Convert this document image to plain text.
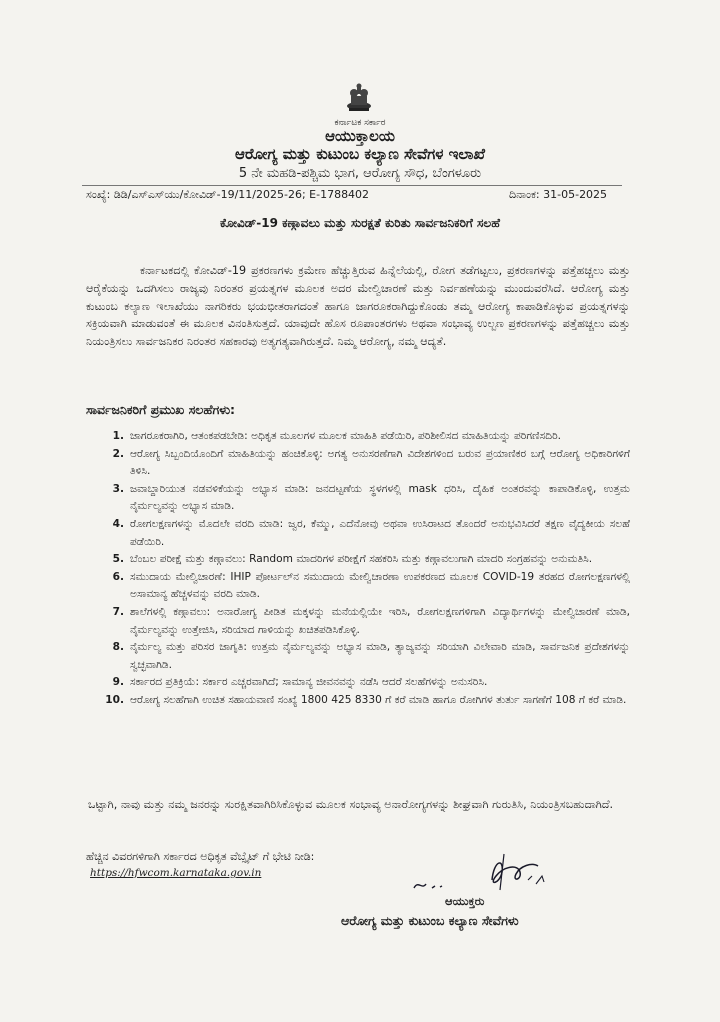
ಕರ್ನಾಟಕ ಸರ್ಕಾರ
ಆಯುಕ್ತಾಲಯ
ಆರೋಗ್ಯ ಮತ್ತು ಕುಟುಂಬ ಕಲ್ಯಾಣ ಸೇವೆಗಳ ಇಲಾಖೆ
5 ನೇ ಮಹಡಿ-ಪಶ್ಚಿಮ ಭಾಗ, ಆರೋಗ್ಯ ಸೌಧ, ಬೆಂಗಳೂರು
ಸಂಖ್ಯೆ: ಡಿಡಿ/ಎಸ್‌ಎಸ್‌ಯು/ಕೋವಿಡ್-19/11/2025-26; E-1788402	ದಿನಾಂಕ: 31-05-2025
ಕೋವಿಡ್-19 ಕಣ್ಗಾವಲು ಮತ್ತು ಸುರಕ್ಷತೆ ಕುರಿತು ಸಾರ್ವಜನಿಕರಿಗೆ ಸಲಹೆ

ಕರ್ನಾಟಕದಲ್ಲಿ ಕೋವಿಡ್-19 ಪ್ರಕರಣಗಳು ಕ್ರಮೇಣ ಹೆಚ್ಚುತ್ತಿರುವ ಹಿನ್ನೆಲೆಯಲ್ಲಿ, ರೋಗ ತಡೆಗಟ್ಟಲು, ಪ್ರಕರಣಗಳನ್ನು ಪತ್ತೆಹಚ್ಚಲು ಮತ್ತು ಆರೈಕೆಯನ್ನು ಒದಗಿಸಲು ರಾಜ್ಯವು ನಿರಂತರ ಪ್ರಯತ್ನಗಳ ಮೂಲಕ ಅದರ ಮೇಲ್ವಿಚಾರಣೆ ಮತ್ತು ನಿರ್ವಹಣೆಯನ್ನು ಮುಂದುವರೆಸಿದೆ. ಆರೋಗ್ಯ ಮತ್ತು ಕುಟುಂಬ ಕಲ್ಯಾಣ ಇಲಾಖೆಯು ನಾಗರಿಕರು ಭಯಭೀತರಾಗದಂತೆ ಹಾಗೂ ಜಾಗರೂಕರಾಗಿದ್ದುಕೊಂಡು ತಮ್ಮ ಆರೋಗ್ಯ ಕಾಪಾಡಿಕೊಳ್ಳುವ ಪ್ರಯತ್ನಗಳನ್ನು ಸಕ್ರಿಯವಾಗಿ ಮಾಡುವಂತೆ ಈ ಮೂಲಕ ವಿನಂತಿಸುತ್ತದೆ. ಯಾವುದೇ ಹೊಸ ರೂಪಾಂತರಗಳು ಅಥವಾ ಸಂಭಾವ್ಯ ಉಲ್ಬಣ ಪ್ರಕರಣಗಳನ್ನು ಪತ್ತೆಹಚ್ಚಲು ಮತ್ತು ನಿಯಂತ್ರಿಸಲು ಸಾರ್ವಜನಿಕರ ನಿರಂತರ ಸಹಕಾರವು ಅತ್ಯಗತ್ಯವಾಗಿರುತ್ತದೆ. ನಿಮ್ಮ ಆರೋಗ್ಯ, ನಮ್ಮ ಆದ್ಯತೆ.

ಸಾರ್ವಜನಿಕರಿಗೆ ಪ್ರಮುಖ ಸಲಹೆಗಳು:
1. ಜಾಗರೂಕರಾಗಿರಿ, ಆತಂಕಪಡಬೇಡಿ: ಅಧಿಕೃತ ಮೂಲಗಳ ಮೂಲಕ ಮಾಹಿತಿ ಪಡೆಯಿರಿ, ಪರಿಶೀಲಿಸದ ಮಾಹಿತಿಯನ್ನು ಪರಿಗಣಿಸದಿರಿ.
2. ಆರೋಗ್ಯ ಸಿಬ್ಬಂದಿಯೊಂದಿಗೆ ಮಾಹಿತಿಯನ್ನು ಹಂಚಿಕೊಳ್ಳಿ: ಅಗತ್ಯ ಅನುಸರಣೆಗಾಗಿ ವಿದೇಶಗಳಿಂದ ಬರುವ ಪ್ರಯಾಣಿಕರ ಬಗ್ಗೆ ಆರೋಗ್ಯ ಅಧಿಕಾರಿಗಳಿಗೆ ತಿಳಿಸಿ.
3. ಜವಾಬ್ದಾರಿಯುತ ನಡವಳಿಕೆಯನ್ನು ಅಭ್ಯಾಸ ಮಾಡಿ: ಜನದಟ್ಟಣೆಯ ಸ್ಥಳಗಳಲ್ಲಿ mask ಧರಿಸಿ, ದೈಹಿಕ ಅಂತರವನ್ನು ಕಾಪಾಡಿಕೊಳ್ಳಿ, ಉತ್ತಮ ನೈರ್ಮಲ್ಯವನ್ನು ಅಭ್ಯಾಸ ಮಾಡಿ.
4. ರೋಗಲಕ್ಷಣಗಳನ್ನು ಮೊದಲೇ ವರದಿ ಮಾಡಿ: ಜ್ವರ, ಕೆಮ್ಮು, ಎದೆನೋವು ಅಥವಾ ಉಸಿರಾಟದ ತೊಂದರೆ ಅನುಭವಿಸಿದರೆ ತಕ್ಷಣ ವೈದ್ಯಕೀಯ ಸಲಹೆ ಪಡೆಯಿರಿ.
5. ಬೆಂಬಲ ಪರೀಕ್ಷೆ ಮತ್ತು ಕಣ್ಗಾವಲು: Random ಮಾದರಿಗಳ ಪರೀಕ್ಷೆಗೆ ಸಹಕರಿಸಿ ಮತ್ತು ಕಣ್ಗಾವಲುಗಾಗಿ ಮಾದರಿ ಸಂಗ್ರಹವನ್ನು ಅನುಮತಿಸಿ.
6. ಸಮುದಾಯ ಮೇಲ್ವಿಚಾರಣೆ: IHIP ಪೋರ್ಟಲ್‌ನ ಸಮುದಾಯ ಮೇಲ್ವಿಚಾರಣಾ ಉಪಕರಣದ ಮೂಲಕ COVID-19 ತರಹದ ರೋಗಲಕ್ಷಣಗಳಲ್ಲಿ ಅಸಾಮಾನ್ಯ ಹೆಚ್ಚಳವನ್ನು ವರದಿ ಮಾಡಿ.
7. ಶಾಲೆಗಳಲ್ಲಿ ಕಣ್ಗಾವಲು: ಅನಾರೋಗ್ಯ ಪೀಡಿತ ಮಕ್ಕಳನ್ನು ಮನೆಯಲ್ಲಿಯೇ ಇರಿಸಿ, ರೋಗಲಕ್ಷಣಗಳಿಗಾಗಿ ವಿದ್ಯಾರ್ಥಿಗಳನ್ನು ಮೇಲ್ವಿಚಾರಣೆ ಮಾಡಿ, ನೈರ್ಮಲ್ಯವನ್ನು ಉತ್ತೇಜಿಸಿ, ಸರಿಯಾದ ಗಾಳಿಯನ್ನು ಖಚಿತಪಡಿಸಿಕೊಳ್ಳಿ.
8. ನೈರ್ಮಲ್ಯ ಮತ್ತು ಪರಿಸರ ಜಾಗೃತಿ: ಉತ್ತಮ ನೈರ್ಮಲ್ಯವನ್ನು ಅಭ್ಯಾಸ ಮಾಡಿ, ತ್ಯಾಜ್ಯವನ್ನು ಸರಿಯಾಗಿ ವಿಲೇವಾರಿ ಮಾಡಿ, ಸಾರ್ವಜನಿಕ ಪ್ರದೇಶಗಳನ್ನು ಸ್ವಚ್ಛವಾಗಿಡಿ.
9. ಸರ್ಕಾರದ ಪ್ರತಿಕ್ರಿಯೆ: ಸರ್ಕಾರ ಎಚ್ಚರವಾಗಿದೆ; ಸಾಮಾನ್ಯ ಜೀವನವನ್ನು ನಡೆಸಿ ಆದರೆ ಸಲಹೆಗಳನ್ನು ಅನುಸರಿಸಿ.
10. ಆರೋಗ್ಯ ಸಲಹೆಗಾಗಿ ಉಚಿತ ಸಹಾಯವಾಣಿ ಸಂಖ್ಯೆ 1800 425 8330 ಗೆ ಕರೆ ಮಾಡಿ ಹಾಗೂ ರೋಗಿಗಳ ತುರ್ತು ಸಾಗಣೆಗೆ 108 ಗೆ ಕರೆ ಮಾಡಿ.

ಒಟ್ಟಾಗಿ, ನಾವು ಮತ್ತು ನಮ್ಮ ಜನರನ್ನು ಸುರಕ್ಷಿತವಾಗಿರಿಸಿಕೊಳ್ಳುವ ಮೂಲಕ ಸಂಭಾವ್ಯ ಅನಾರೋಗ್ಯಗಳನ್ನು ಶೀಘ್ರವಾಗಿ ಗುರುತಿಸಿ, ನಿಯಂತ್ರಿಸಬಹುದಾಗಿದೆ.

ಹೆಚ್ಚಿನ ವಿವರಗಳಿಗಾಗಿ ಸರ್ಕಾರದ ಅಧಿಕೃತ ವೆಬ್ಸೈಟ್ ಗೆ ಭೇಟಿ ನೀಡಿ:
https://hfwcom.karnataka.gov.in
ಆಯುಕ್ತರು
ಆರೋಗ್ಯ ಮತ್ತು ಕುಟುಂಬ ಕಲ್ಯಾಣ ಸೇವೆಗಳು
